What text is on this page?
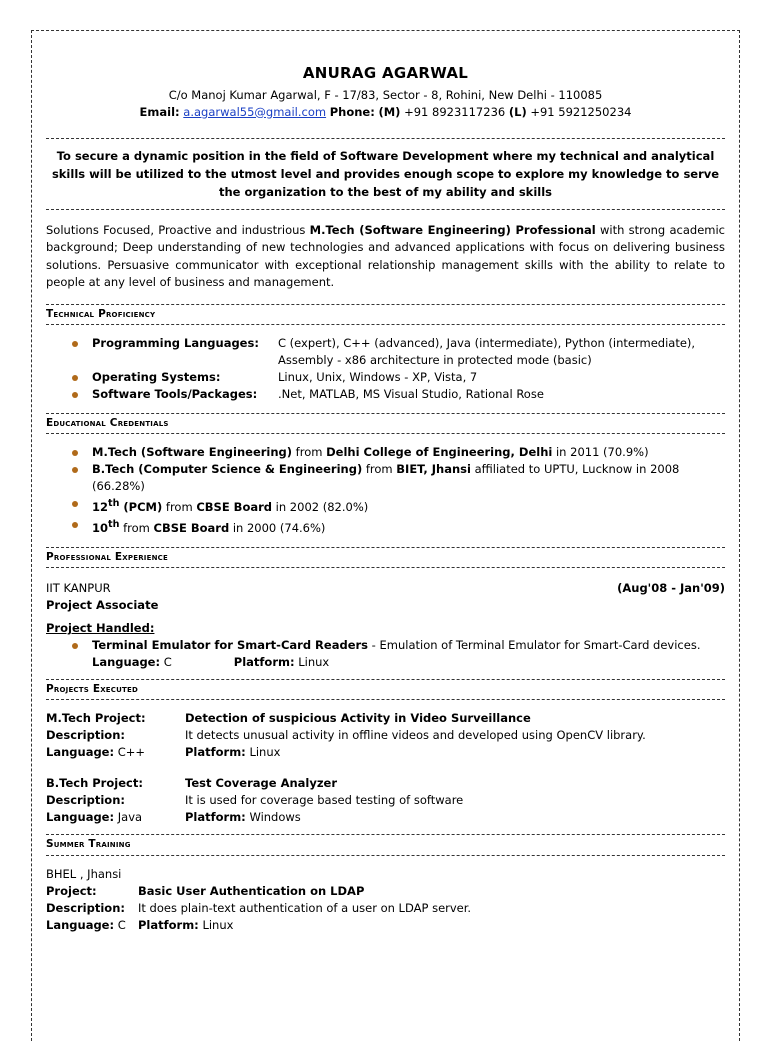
ANURAG AGARWAL
C/o Manoj Kumar Agarwal, F - 17/83, Sector - 8, Rohini, New Delhi - 110085
Email: a.agarwal55@gmail.com Phone: (M) +91 8923117236 (L) +91 5921250234
To secure a dynamic position in the field of Software Development where my technical and analytical skills will be utilized to the utmost level and provides enough scope to explore my knowledge to serve the organization to the best of my ability and skills
Solutions Focused, Proactive and industrious M.Tech (Software Engineering) Professional with strong academic background; Deep understanding of new technologies and advanced applications with focus on delivering business solutions. Persuasive communicator with exceptional relationship management skills with the ability to relate to people at any level of business and management.
Technical Proficiency
Programming Languages:	C (expert), C++ (advanced), Java (intermediate), Python (intermediate), Assembly - x86 architecture in protected mode (basic)
Operating Systems:	Linux, Unix, Windows - XP, Vista, 7
Software Tools/Packages:	.Net, MATLAB, MS Visual Studio, Rational Rose
Educational Credentials
M.Tech (Software Engineering) from Delhi College of Engineering, Delhi in 2011 (70.9%)
B.Tech (Computer Science & Engineering) from BIET, Jhansi affiliated to UPTU, Lucknow in 2008 (66.28%)
12th (PCM) from CBSE Board in 2002 (82.0%)
10th from CBSE Board in 2000 (74.6%)
Professional Experience
IIT KANPUR	(Aug'08 - Jan'09)
Project Associate
Project Handled:
Terminal Emulator for Smart-Card Readers - Emulation of Terminal Emulator for Smart-Card devices.
Language: C	Platform: Linux
Projects Executed
M.Tech Project:	Detection of suspicious Activity in Video Surveillance
Description:	It detects unusual activity in offline videos and developed using OpenCV library.
Language: C++	Platform: Linux
B.Tech Project:	Test Coverage Analyzer
Description:	It is used for coverage based testing of software
Language: Java	Platform: Windows
Summer Training
BHEL , Jhansi
Project:	Basic User Authentication on LDAP
Description:	It does plain-text authentication of a user on LDAP server.
Language: C	Platform: Linux
